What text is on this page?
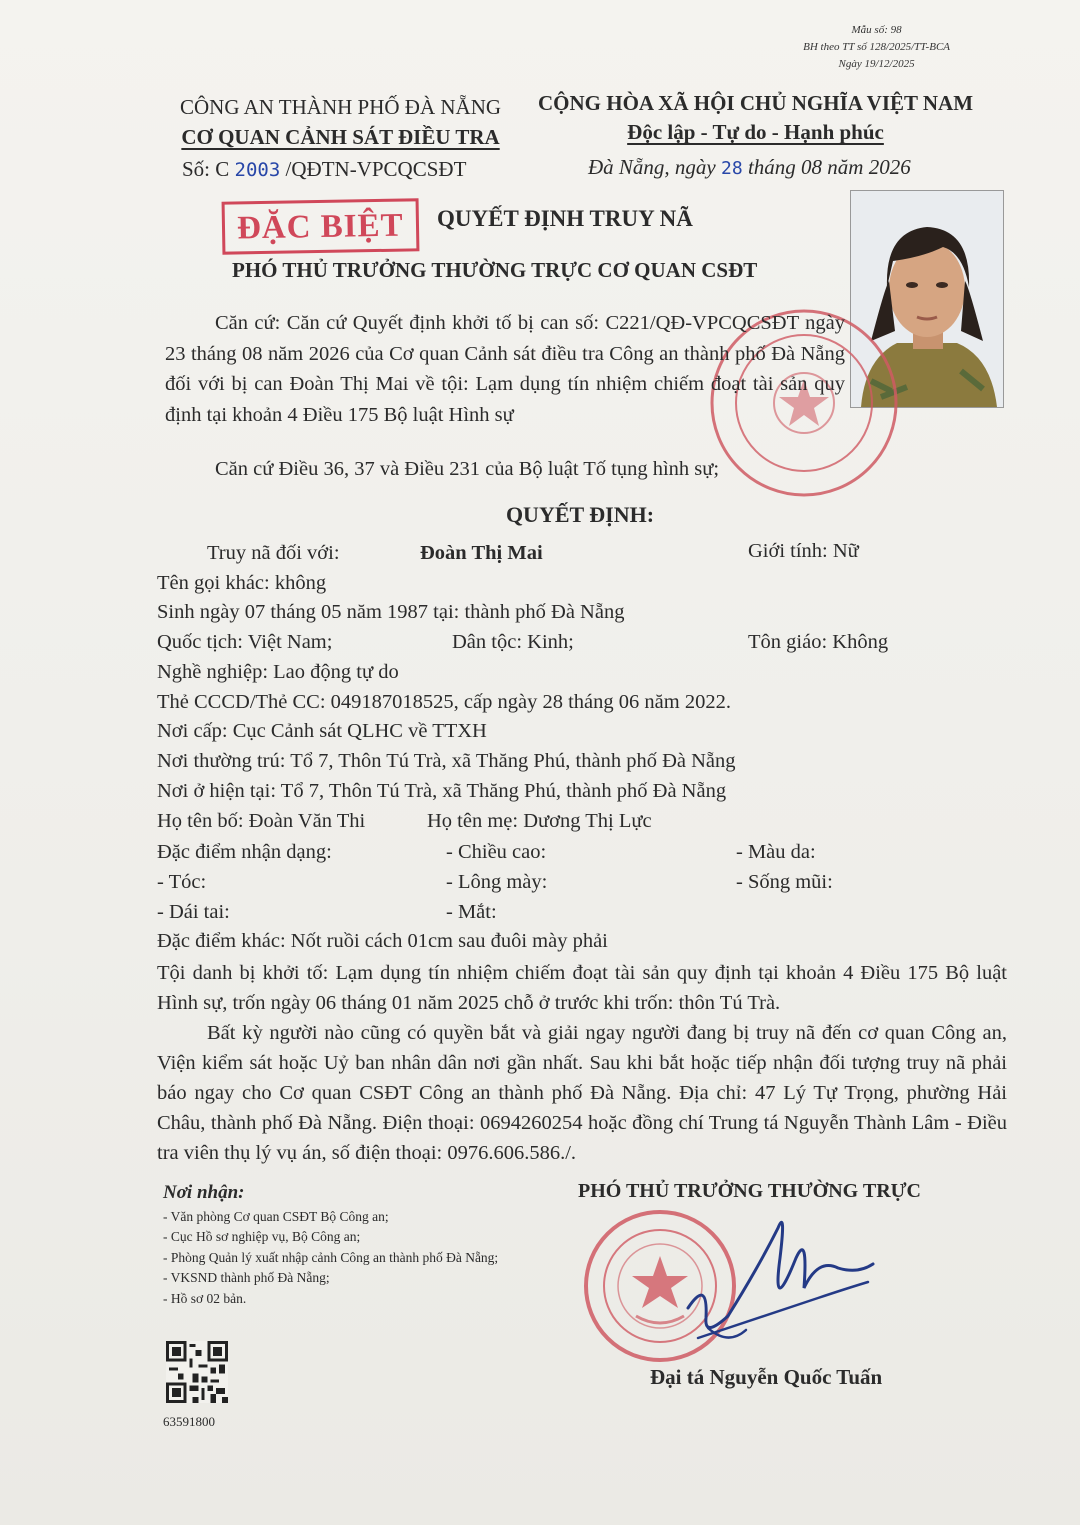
Mẫu số: 98
BH theo TT số 128/2025/TT-BCA
Ngày 19/12/2025
CÔNG AN THÀNH PHỐ ĐÀ NẴNG
CƠ QUAN CẢNH SÁT ĐIỀU TRA
CỘNG HÒA XÃ HỘI CHỦ NGHĨA VIỆT NAM
Độc lập - Tự do - Hạnh phúc
Số: C 2003 /QĐTN-VPCQCSĐT	Đà Nẵng, ngày 28 tháng 08 năm 2026
ĐẶC BIỆT	QUYẾT ĐỊNH TRUY NÃ
PHÓ THỦ TRƯỞNG THƯỜNG TRỰC CƠ QUAN CSĐT
Căn cứ: Căn cứ Quyết định khởi tố bị can số: C221/QĐ-VPCQCSĐT ngày 23 tháng 08 năm 2026 của Cơ quan Cảnh sát điều tra Công an thành phố Đà Nẵng đối với bị can Đoàn Thị Mai về tội: Lạm dụng tín nhiệm chiếm đoạt tài sản quy định tại khoản 4 Điều 175 Bộ luật Hình sự
Căn cứ Điều 36, 37 và Điều 231 của Bộ luật Tố tụng hình sự;
QUYẾT ĐỊNH:
Truy nã đối với:	Đoàn Thị Mai	Giới tính: Nữ
Tên gọi khác: không
Sinh ngày 07 tháng 05 năm 1987 tại: thành phố Đà Nẵng
Quốc tịch: Việt Nam;	Dân tộc: Kinh;	Tôn giáo: Không
Nghề nghiệp: Lao động tự do
Thẻ CCCD/Thẻ CC: 049187018525, cấp ngày 28 tháng 06 năm 2022.
Nơi cấp: Cục Cảnh sát QLHC về TTXH
Nơi thường trú: Tổ 7, Thôn Tú Trà, xã Thăng Phú, thành phố Đà Nẵng
Nơi ở hiện tại: Tổ 7, Thôn Tú Trà, xã Thăng Phú, thành phố Đà Nẵng
Họ tên bố: Đoàn Văn Thi	Họ tên mẹ: Dương Thị Lực
Đặc điểm nhận dạng:	- Chiều cao:	- Màu da:
- Tóc:	- Lông mày:	- Sống mũi:
- Dái tai:	- Mắt:
Đặc điểm khác: Nốt ruồi cách 01cm sau đuôi mày phải
Tội danh bị khởi tố: Lạm dụng tín nhiệm chiếm đoạt tài sản quy định tại khoản 4 Điều 175 Bộ luật Hình sự, trốn ngày 06 tháng 01 năm 2025 chỗ ở trước khi trốn: thôn Tú Trà.
Bất kỳ người nào cũng có quyền bắt và giải ngay người đang bị truy nã đến cơ quan Công an, Viện kiểm sát hoặc Uỷ ban nhân dân nơi gần nhất. Sau khi bắt hoặc tiếp nhận đối tượng truy nã phải báo ngay cho Cơ quan CSĐT Công an thành phố Đà Nẵng. Địa chỉ: 47 Lý Tự Trọng, phường Hải Châu, thành phố Đà Nẵng. Điện thoại: 0694260254 hoặc đồng chí Trung tá Nguyễn Thành Lâm - Điều tra viên thụ lý vụ án, số điện thoại: 0976.606.586./.
Nơi nhận:
- Văn phòng Cơ quan CSĐT Bộ Công an;
- Cục Hồ sơ nghiệp vụ, Bộ Công an;
- Phòng Quản lý xuất nhập cảnh Công an thành phố Đà Nẵng;
- VKSND thành phố Đà Nẵng;
- Hồ sơ 02 bản.
63591800
PHÓ THỦ TRƯỞNG THƯỜNG TRỰC
Đại tá Nguyễn Quốc Tuấn
